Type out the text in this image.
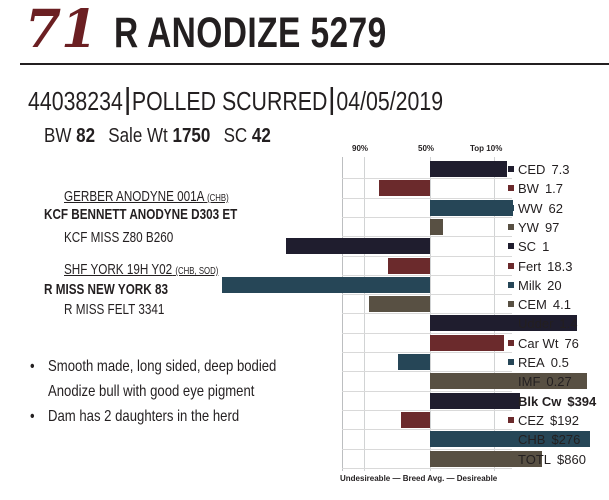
71 R ANODIZE 5279
44038234 POLLED SCURRED 04/05/2019
BW 82 Sale Wt 1750 SC 42
GERBER ANODYNE 001A (CHB)
KCF BENNETT ANODYNE D303 ET
KCF MISS Z80 B260
SHF YORK 19H Y02 (CHB, SOD)
R MISS NEW YORK 83
R MISS FELT 3341
• Smooth made, long sided, deep bodied
Anodize bull with good eye pigment
• Dam has 2 daughters in the herd
90%	50%	Top 10%
Undesireable — Breed Avg. — Desireable
CED 7.3
BW 1.7
WW 62
YW 97
SC 1
Fert 18.3
Milk 20
CEM 4.1
Udder 1.4
Car Wt 76
REA 0.5
IMF 0.27
Blk Cw $394
CEZ $192
CHB $276
TOTL $860
